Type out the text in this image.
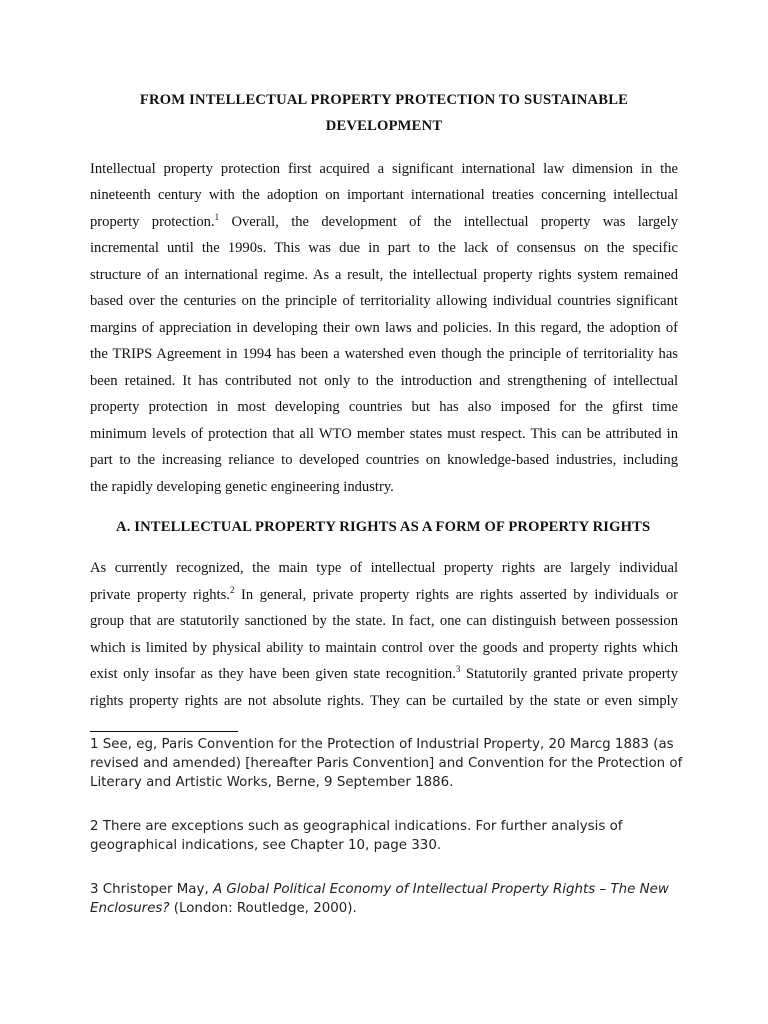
FROM INTELLECTUAL PROPERTY PROTECTION TO SUSTAINABLE
DEVELOPMENT
Intellectual property protection first acquired a significant international law dimension in the
nineteenth century with the adoption on important international treaties concerning intellectual
property protection.$^1$ Overall, the development of the intellectual property was largely
incremental until the 1990s. This was due in part to the lack of consensus on the specific
structure of an international regime. As a result, the intellectual property rights system remained
based over the centuries on the principle of territoriality allowing individual countries significant
margins of appreciation in developing their own laws and policies. In this regard, the adoption of
the TRIPS Agreement in 1994 has been a watershed even though the principle of territoriality has
been retained. It has contributed not only to the introduction and strengthening of intellectual
property protection in most developing countries but has also imposed for the gfirst time
minimum levels of protection that all WTO member states must respect. This can be attributed in
part to the increasing reliance to developed countries on knowledge-based industries, including
the rapidly developing genetic engineering industry.
A. INTELLECTUAL PROPERTY RIGHTS AS A FORM OF PROPERTY RIGHTS
As currently recognized, the main type of intellectual property rights are largely individual
private property rights.$^2$ In general, private property rights are rights asserted by individuals or
group that are statutorily sanctioned by the state. In fact, one can distinguish between possession
which is limited by physical ability to maintain control over the goods and property rights which
exist only insofar as they have been given state recognition.$^3$ Statutorily granted private property
rights property rights are not absolute rights. They can be curtailed by the state or even simply
1 See, eg, Paris Convention for the Protection of Industrial Property, 20 Marcg 1883 (as revised and amended) [hereafter Paris Convention] and Convention for the Protection of Literary and Artistic Works, Berne, 9 September 1886.
2 There are exceptions such as geographical indications. For further analysis of geographical indications, see Chapter 10, page 330.
3 Christoper May, A Global Political Economy of Intellectual Property Rights – The New Enclosures? (London: Routledge, 2000).
